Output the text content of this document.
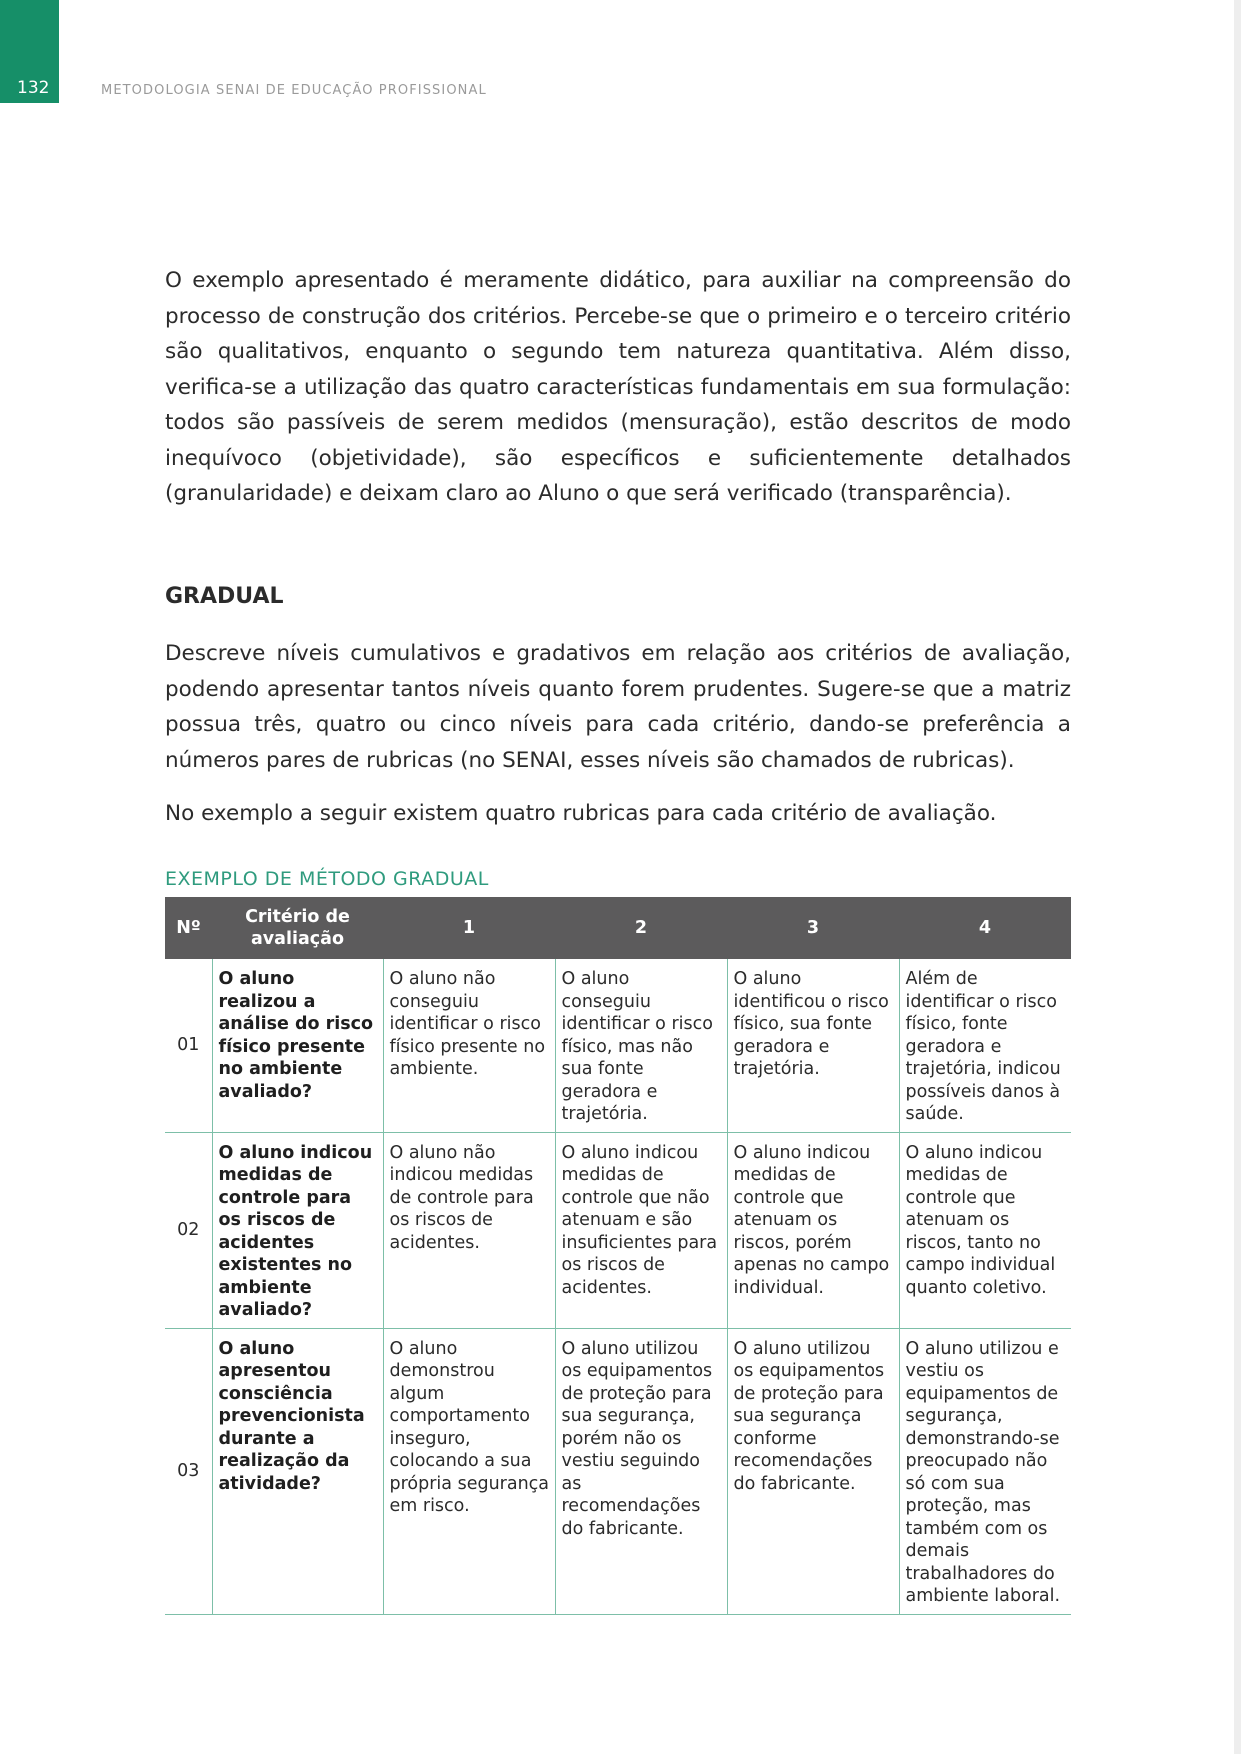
132	METODOLOGIA SENAI DE EDUCAÇÃO PROFISSIONAL

O exemplo apresentado é meramente didático, para auxiliar na compreensão do processo de construção dos critérios. Percebe-se que o primeiro e o terceiro critério são qualitativos, enquanto o segundo tem natureza quantitativa. Além disso, verifica-se a utilização das quatro características fundamentais em sua formulação: todos são passíveis de serem medidos (mensuração), estão descritos de modo inequívoco (objetividade), são específicos e suficientemente detalhados (granularidade) e deixam claro ao Aluno o que será verificado (transparência).

GRADUAL

Descreve níveis cumulativos e gradativos em relação aos critérios de avaliação, podendo apresentar tantos níveis quanto forem prudentes. Sugere-se que a matriz possua três, quatro ou cinco níveis para cada critério, dando-se preferência a números pares de rubricas (no SENAI, esses níveis são chamados de rubricas).

No exemplo a seguir existem quatro rubricas para cada critério de avaliação.

EXEMPLO DE MÉTODO GRADUAL

Nº	Critério de avaliação	1	2	3	4
01	O aluno realizou a análise do risco físico presente no ambiente avaliado?	O aluno não conseguiu identificar o risco físico presente no ambiente.	O aluno conseguiu identificar o risco físico, mas não sua fonte geradora e trajetória.	O aluno identificou o risco físico, sua fonte geradora e trajetória.	Além de identificar o risco físico, fonte geradora e trajetória, indicou possíveis danos à saúde.
02	O aluno indicou medidas de controle para os riscos de acidentes existentes no ambiente avaliado?	O aluno não indicou medidas de controle para os riscos de acidentes.	O aluno indicou medidas de controle que não atenuam e são insuficientes para os riscos de acidentes.	O aluno indicou medidas de controle que atenuam os riscos, porém apenas no campo individual.	O aluno indicou medidas de controle que atenuam os riscos, tanto no campo individual quanto coletivo.
03	O aluno apresentou consciência prevencionista durante a realização da atividade?	O aluno demonstrou algum comportamento inseguro, colocando a sua própria segurança em risco.	O aluno utilizou os equipamentos de proteção para sua segurança, porém não os vestiu seguindo as recomendações do fabricante.	O aluno utilizou os equipamentos de proteção para sua segurança conforme recomendações do fabricante.	O aluno utilizou e vestiu os equipamentos de segurança, demonstrando-se preocupado não só com sua proteção, mas também com os demais trabalhadores do ambiente laboral.
